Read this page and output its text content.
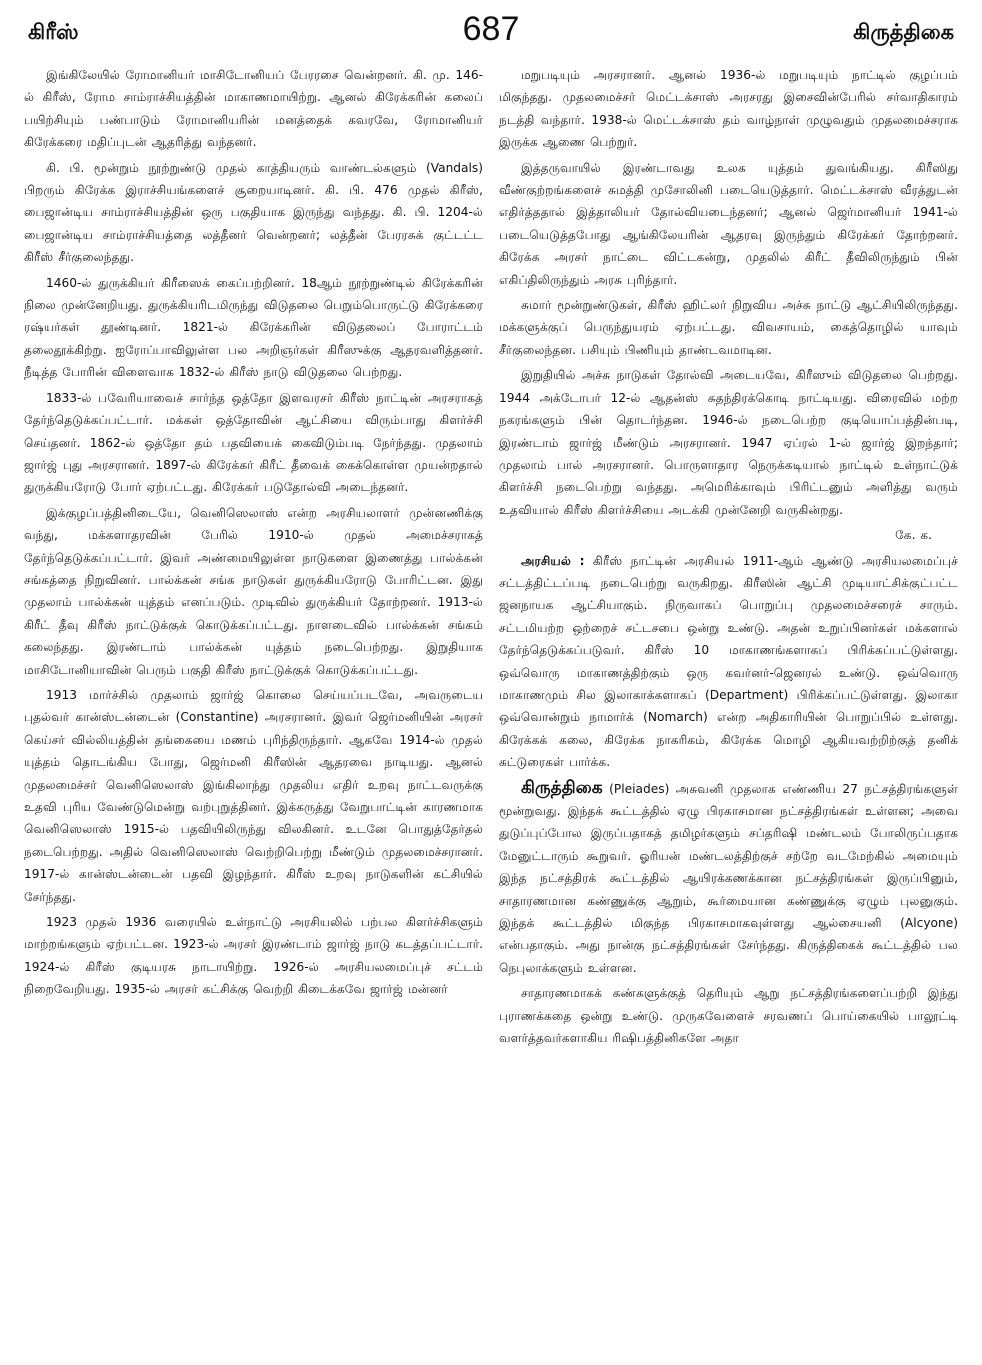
கிரீஸ்	687	கிருத்திகை

இங்கிலேயில் ரோமானியர் மாசிடோனியப் பேரரசை வென்றனர். கி. மு. 146-ல் கிரீஸ், ரோம சாம்ராச்சியத்தின் மாகாணமாயிற்று. ஆனல் கிரேக்கரின் கலைப் பயிற்சியும் பண்பாடும் ரோமானியரின் மனத்தைக் கவரவே, ரோமானியர் கிரேக்கரை மதிப்புடன் ஆதரித்து வந்தனர்.

கி. பி. மூன்றும் நூற்றுண்டு முதல் காத்தியரும் வாண்டல்களும் (Vandals) பிறரும் கிரேக்க இராச்சியங்களைச் சூறையாடினர். கி. பி. 476 முதல் கிரீஸ், பைஜான்டிய சாம்ராச்சியத்தின் ஒரு பகுதியாக இருந்து வந்தது. கி. பி. 1204-ல் பைஜான்டிய சாம்ராச்சியத்தை லத்தீனர் வென்றனர்; லத்தீன் பேரரசுக் குட்டட்ட கிரீஸ் சீர்குலைந்தது.

1460-ல் துருக்கியர் கிரீஸைக் கைப்பற்றினர். 18ஆம் நூற்றுண்டில் கிரேக்கரின் நிலை முன்னேறியது. துருக்கியரிடமிருந்து விடுதலை பெறும்பொருட்டு கிரேக்கரை ரஷ்யர்கள் தூண்டினர். 1821-ல் கிரேக்கரின் விடுதலைப் போராட்டம் தலைதூக்கிற்று. ஐரோப்பாவிலுள்ள பல அறிஞர்கள் கிரீஸுக்கு ஆதரவளித்தனர். நீடித்த போரின் விளைவாக 1832-ல் கிரீஸ் நாடு விடுதலை பெற்றது.

1833-ல் பவேரியாவைச் சார்ந்த ஒத்தோ இளவரசர் கிரீஸ் நாட்டின் அரசராகத் தேர்ந்தெடுக்கப்பட்டார். மக்கள் ஒத்தோவின் ஆட்சியை விரும்பாது கிளர்ச்சி செய்தனர். 1862-ல் ஒத்தோ தம் பதவியைக் கைவிடும்படி நேர்ந்தது. முதலாம் ஜார்ஜ் புது அரசரானர். 1897-ல் கிரேக்கர் கிரீட் தீவைக் கைக்கொள்ள முயன்றதால் துருக்கியரோடு போர் ஏற்பட்டது. கிரேக்கர் படுதோல்வி அடைந்தனர்.

இக்குழப்பத்தினிடையே, வெனிஸெலாஸ் என்ற அரசியலாளர் முன்னணிக்கு வந்து, மக்களாதரவின் பேரில் 1910-ல் முதல் அமைச்சராகத் தேர்ந்தெடுக்கப்பட்டார். இவர் அண்மையிலுள்ள நாடுகளை இணைத்து பால்க்கன் சங்கத்தை நிறுவினர். பால்க்கன் சங்க நாடுகள் துருக்கியரோடு போரிட்டன. இது முதலாம் பால்க்கன் யுத்தம் எனப்படும். முடிவில் துருக்கியர் தோற்றனர். 1913-ல் கிரீட் தீவு கிரீஸ் நாட்டுக்குக் கொடுக்கப்பட்டது. நாளடைவில் பால்க்கன் சங்கம் கலைந்தது. இரண்டாம் பால்க்கன் யுத்தம் நடைபெற்றது. இறுதியாக மாசிடோனியாவின் பெரும் பகுதி கிரீஸ் நாட்டுக்குக் கொடுக்கப்பட்டது.

1913 மார்ச்சில் முதலாம் ஜார்ஜ் கொலை செய்யப்படவே, அவருடைய புதல்வர் கான்ஸ்டன்டைன் (Constantine) அரசரானர். இவர் ஜெர்மனியின் அரசர் கெய்சர் வில்லியத்தின் தங்கையை மணம் புரிந்திருந்தார். ஆகவே 1914-ல் முதல் யுத்தம் தொடங்கிய போது, ஜெர்மனி கிரீஸின் ஆதரவை நாடியது. ஆனல் முதலமைச்சர் வெனிஸெலாஸ் இங்கிலாந்து முதலிய எதிர் உறவு நாட்டவருக்கு உதவி புரிய வேண்டுமென்று வற்புறுத்தினர். இக்கருத்து வேறுபாட்டின் காரணமாக வெனிஸெலாஸ் 1915-ல் பதவியிலிருந்து விலகினர். உடனே பொதுத்தேர்தல் நடைபெற்றது. அதில் வெனிஸெலாஸ் வெற்றிபெற்று மீண்டும் முதலமைச்சரானர். 1917-ல் கான்ஸ்டன்டைன் பதவி இழந்தார். கிரீஸ் உறவு நாடுகளின் கட்சியில் சேர்ந்தது.

1923 முதல் 1936 வரையில் உள்நாட்டு அரசியலில் பற்பல கிளர்ச்சிகளும் மாற்றங்களும் ஏற்பட்டன. 1923-ல் அரசர் இரண்டாம் ஜார்ஜ் நாடு கடத்தப்பட்டார். 1924-ல் கிரீஸ் குடியரசு நாடாயிற்று. 1926-ல் அரசியலமைப்புச் சட்டம் நிறைவேறியது. 1935-ல் அரசர் கட்சிக்கு வெற்றி கிடைக்கவே ஜார்ஜ் மன்னர்

மறுபடியும் அரசரானர். ஆனல் 1936-ல் மறுபடியும் நாட்டில் குழப்பம் மிகுந்தது. முதலமைச்சர் மெட்டக்சாஸ் அரசரது இசைவின்பேரில் சர்வாதிகாரம் நடத்தி வந்தார். 1938-ல் மெட்டக்சாஸ் தம் வாழ்நாள் முழுவதும் முதலமைச்சராக இருக்க ஆணை பெற்றுர்.

இத்தருவாயில் இரண்டாவது உலக யுத்தம் துவங்கியது. கிரீஸிது வீண்குற்றங்களைச் சுமத்தி முசோலினி படையெடுத்தார். மெட்டக்சாஸ் வீரத்துடன் எதிர்த்ததால் இத்தாலியர் தோல்வியடைந்தனர்; ஆனல் ஜெர்மானியர் 1941-ல் படையெடுத்தபோது ஆங்கிலேயரின் ஆதரவு இருந்தும் கிரேக்கர் தோற்றனர். கிரேக்க அரசர் நாட்டை விட்டகன்று, முதலில் கிரீட் தீவிலிருந்தும் பின் எகிப்திலிருந்தும் அரசு புரிந்தார்.

சுமார் மூன்றுண்டுகள், கிரீஸ் ஹிட்லர் நிறுவிய அச்சு நாட்டு ஆட்சியிலிருந்தது. மக்களுக்குப் பெருந்துயரம் ஏற்பட்டது. விவசாயம், கைத்தொழில் யாவும் சீர்குலைந்தன. பசியும் பிணியும் தாண்டவமாடின.

இறுதியில் அச்சு நாடுகள் தோல்வி அடையவே, கிரீஸும் விடுதலை பெற்றது. 1944 அக்டோபர் 12-ல் ஆதன்ஸ் சுதந்திரக்கொடி நாட்டியது. விரைவில் மற்ற நகரங்களும் பின் தொடர்ந்தன. 1946-ல் நடைபெற்ற குடியொப்பத்தின்படி, இரண்டாம் ஜார்ஜ் மீண்டும் அரசரானர். 1947 ஏப்ரல் 1-ல் ஜார்ஜ் இறந்தார்; முதலாம் பால் அரசரானர். பொருளாதார நெருக்கடியால் நாட்டில் உள்நாட்டுக் கிளர்ச்சி நடைபெற்று வந்தது. அமெரிக்காவும் பிரிட்டனும் அளித்து வரும் உதவியால் கிரீஸ் கிளர்ச்சியை அடக்கி முன்னேறி வருகின்றது.

கே. க.

அரசியல் : கிரீஸ் நாட்டின் அரசியல் 1911-ஆம் ஆண்டு அரசியலமைப்புச் சட்டத்திட்டப்படி நடைபெற்று வருகிறது. கிரீஸின் ஆட்சி முடியாட்சிக்குட்பட்ட ஜனநாயக ஆட்சியாகும். நிருவாகப் பொறுப்பு முதலமைச்சரைச் சாரும். சட்டமியற்ற ஒற்றைச் சட்டசபை ஒன்று உண்டு. அதன் உறுப்பினர்கள் மக்களால் தேர்ந்தெடுக்கப்படுவர். கிரீஸ் 10 மாகாணங்களாகப் பிரிக்கப்பட்டுள்ளது. ஒவ்வொரு மாகாணத்திற்கும் ஒரு கவர்னர்-ஜெனரல் உண்டு. ஒவ்வொரு மாகாணமும் சில இலாகாக்களாகப் (Department) பிரிக்கப்பட்டுள்ளது. இலாகா ஒவ்வொன்றும் நாமார்க் (Nomarch) என்ற அதிகாரியின் பொறுப்பில் உள்ளது. கிரேக்கக் கலை, கிரேக்க நாகரிகம், கிரேக்க மொழி ஆகியவற்றிற்குத் தனிக் கட்டுரைகள் பார்க்க.

கிருத்திகை (Pleiades) அசுவனி முதலாக எண்ணிய 27 நட்சத்திரங்களுள் மூன்றுவது. இந்தக் கூட்டத்தில் ஏழு பிரகாசமான நட்சத்திரங்கள் உள்ளன; அவை துடுப்புப்போல இருப்பதாகத் தமிழர்களும் சப்தரிஷி மண்டலம் போலிருப்பதாக மேனுட்டாரும் கூறுவர். ஓரியன் மண்டலத்திற்குச் சற்றே வடமேற்கில் அமையும் இந்த நட்சத்திரக் கூட்டத்தில் ஆயிரக்கணக்கான நட்சத்திரங்கள் இருப்பினும், சாதாரணமான கண்ணுக்கு ஆறும், கூர்மையான கண்ணுக்கு ஏழும் புலனுகும். இந்தக் கூட்டத்தில் மிகுந்த பிரகாசமாகவுள்ளது ஆல்சையனி (Alcyone) என்பதாகும். அது நான்கு நட்சத்திரங்கள் சேர்ந்தது. கிருத்திகைக் கூட்டத்தில் பல நெபுலாக்களும் உள்ளன.

சாதாரணமாகக் கண்களுக்குத் தெரியும் ஆறு நட்சத்திரங்களைப்பற்றி இந்து புராணக்கதை ஒன்று உண்டு. முருகவேளைச் சரவணப் பொய்கையில் பாலூட்டி வளர்த்தவர்களாகிய ரிஷிபத்தினிகளே அதா
